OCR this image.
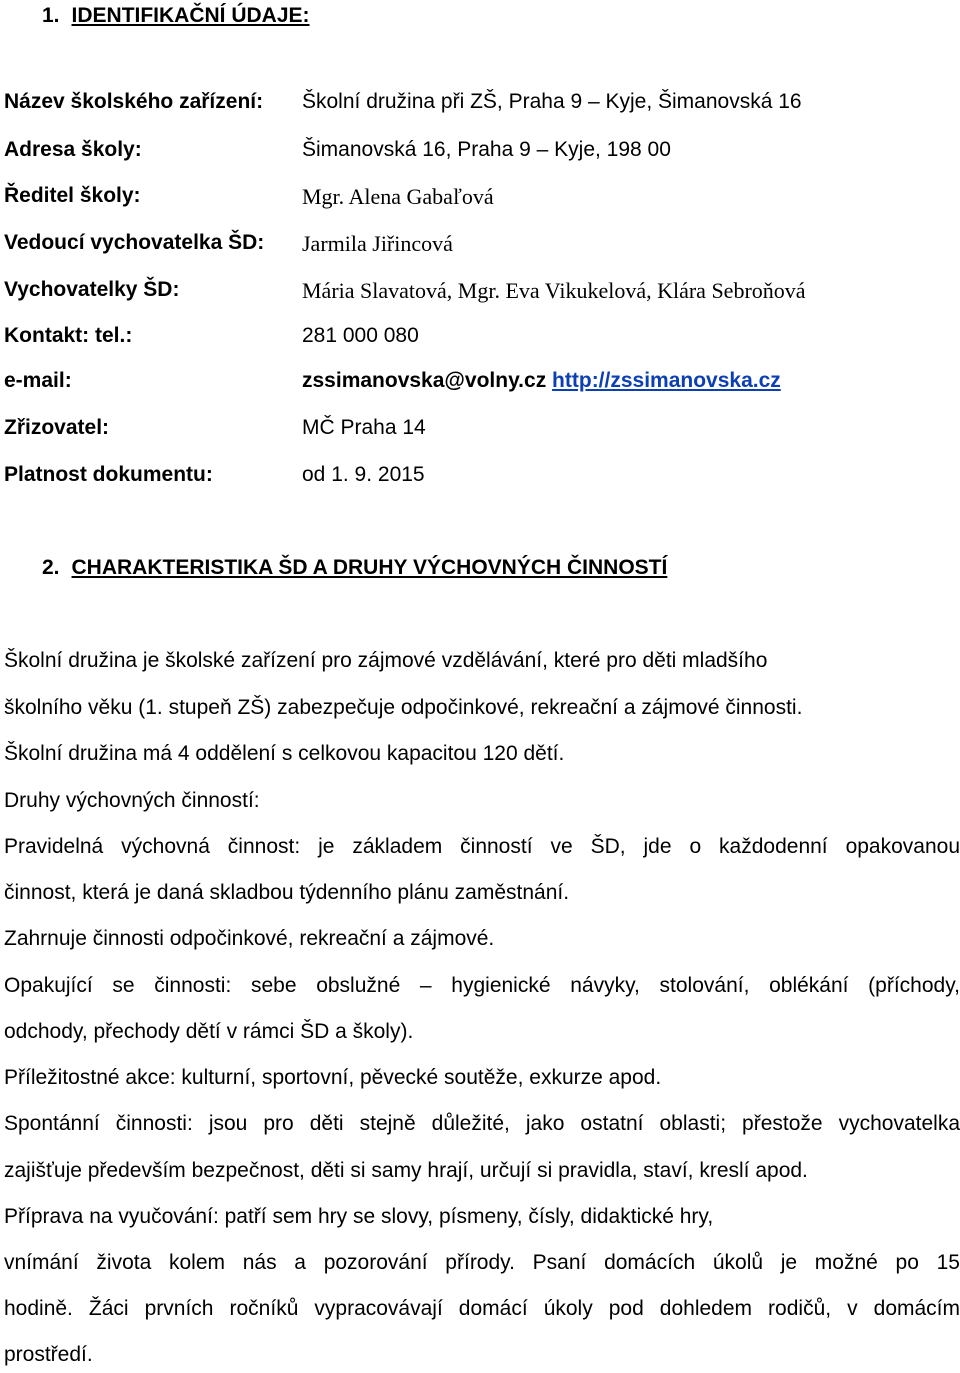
1. IDENTIFIKAČNÍ ÚDAJE:
Název školského zařízení: Školní družina při ZŠ, Praha 9 – Kyje, Šimanovská 16
Adresa školy:	Šimanovská 16, Praha 9 – Kyje, 198 00
Ředitel školy:	Mgr. Alena Gabaľová
Vedoucí vychovatelka ŠD: Jarmila Jiřincová
Vychovatelky ŠD:	Mária Slavatová, Mgr. Eva Vikukelová, Klára Sebroňová
Kontakt: tel.:	281 000 080
e-mail:	zssimanovska@volny.cz http://zssimanovska.cz
Zřizovatel:	MČ Praha 14
Platnost dokumentu:	od 1. 9. 2015
2. CHARAKTERISTIKA ŠD A DRUHY VÝCHOVNÝCH ČINNOSTÍ
Školní družina je školské zařízení pro zájmové vzdělávání, které pro děti mladšího
školního věku (1. stupeň ZŠ) zabezpečuje odpočinkové, rekreační a zájmové činnosti.
Školní družina má 4 oddělení s celkovou kapacitou 120 dětí.
Druhy výchovných činností:
Pravidelná výchovná činnost: je základem činností ve ŠD, jde o každodenní opakovanou
činnost, která je daná skladbou týdenního plánu zaměstnání.
Zahrnuje činnosti odpočinkové, rekreační a zájmové.
Opakující se činnosti: sebe obslužné – hygienické návyky, stolování, oblékání (příchody,
odchody, přechody dětí v rámci ŠD a školy).
Příležitostné akce: kulturní, sportovní, pěvecké soutěže, exkurze apod.
Spontánní činnosti: jsou pro děti stejně důležité, jako ostatní oblasti; přestože vychovatelka
zajišťuje především bezpečnost, děti si samy hrají, určují si pravidla, staví, kreslí apod.
Příprava na vyučování: patří sem hry se slovy, písmeny, čísly, didaktické hry,
vnímání života kolem nás a pozorování přírody. Psaní domácích úkolů je možné po 15
hodině. Žáci prvních ročníků vypracovávají domácí úkoly pod dohledem rodičů, v domácím
prostředí.
